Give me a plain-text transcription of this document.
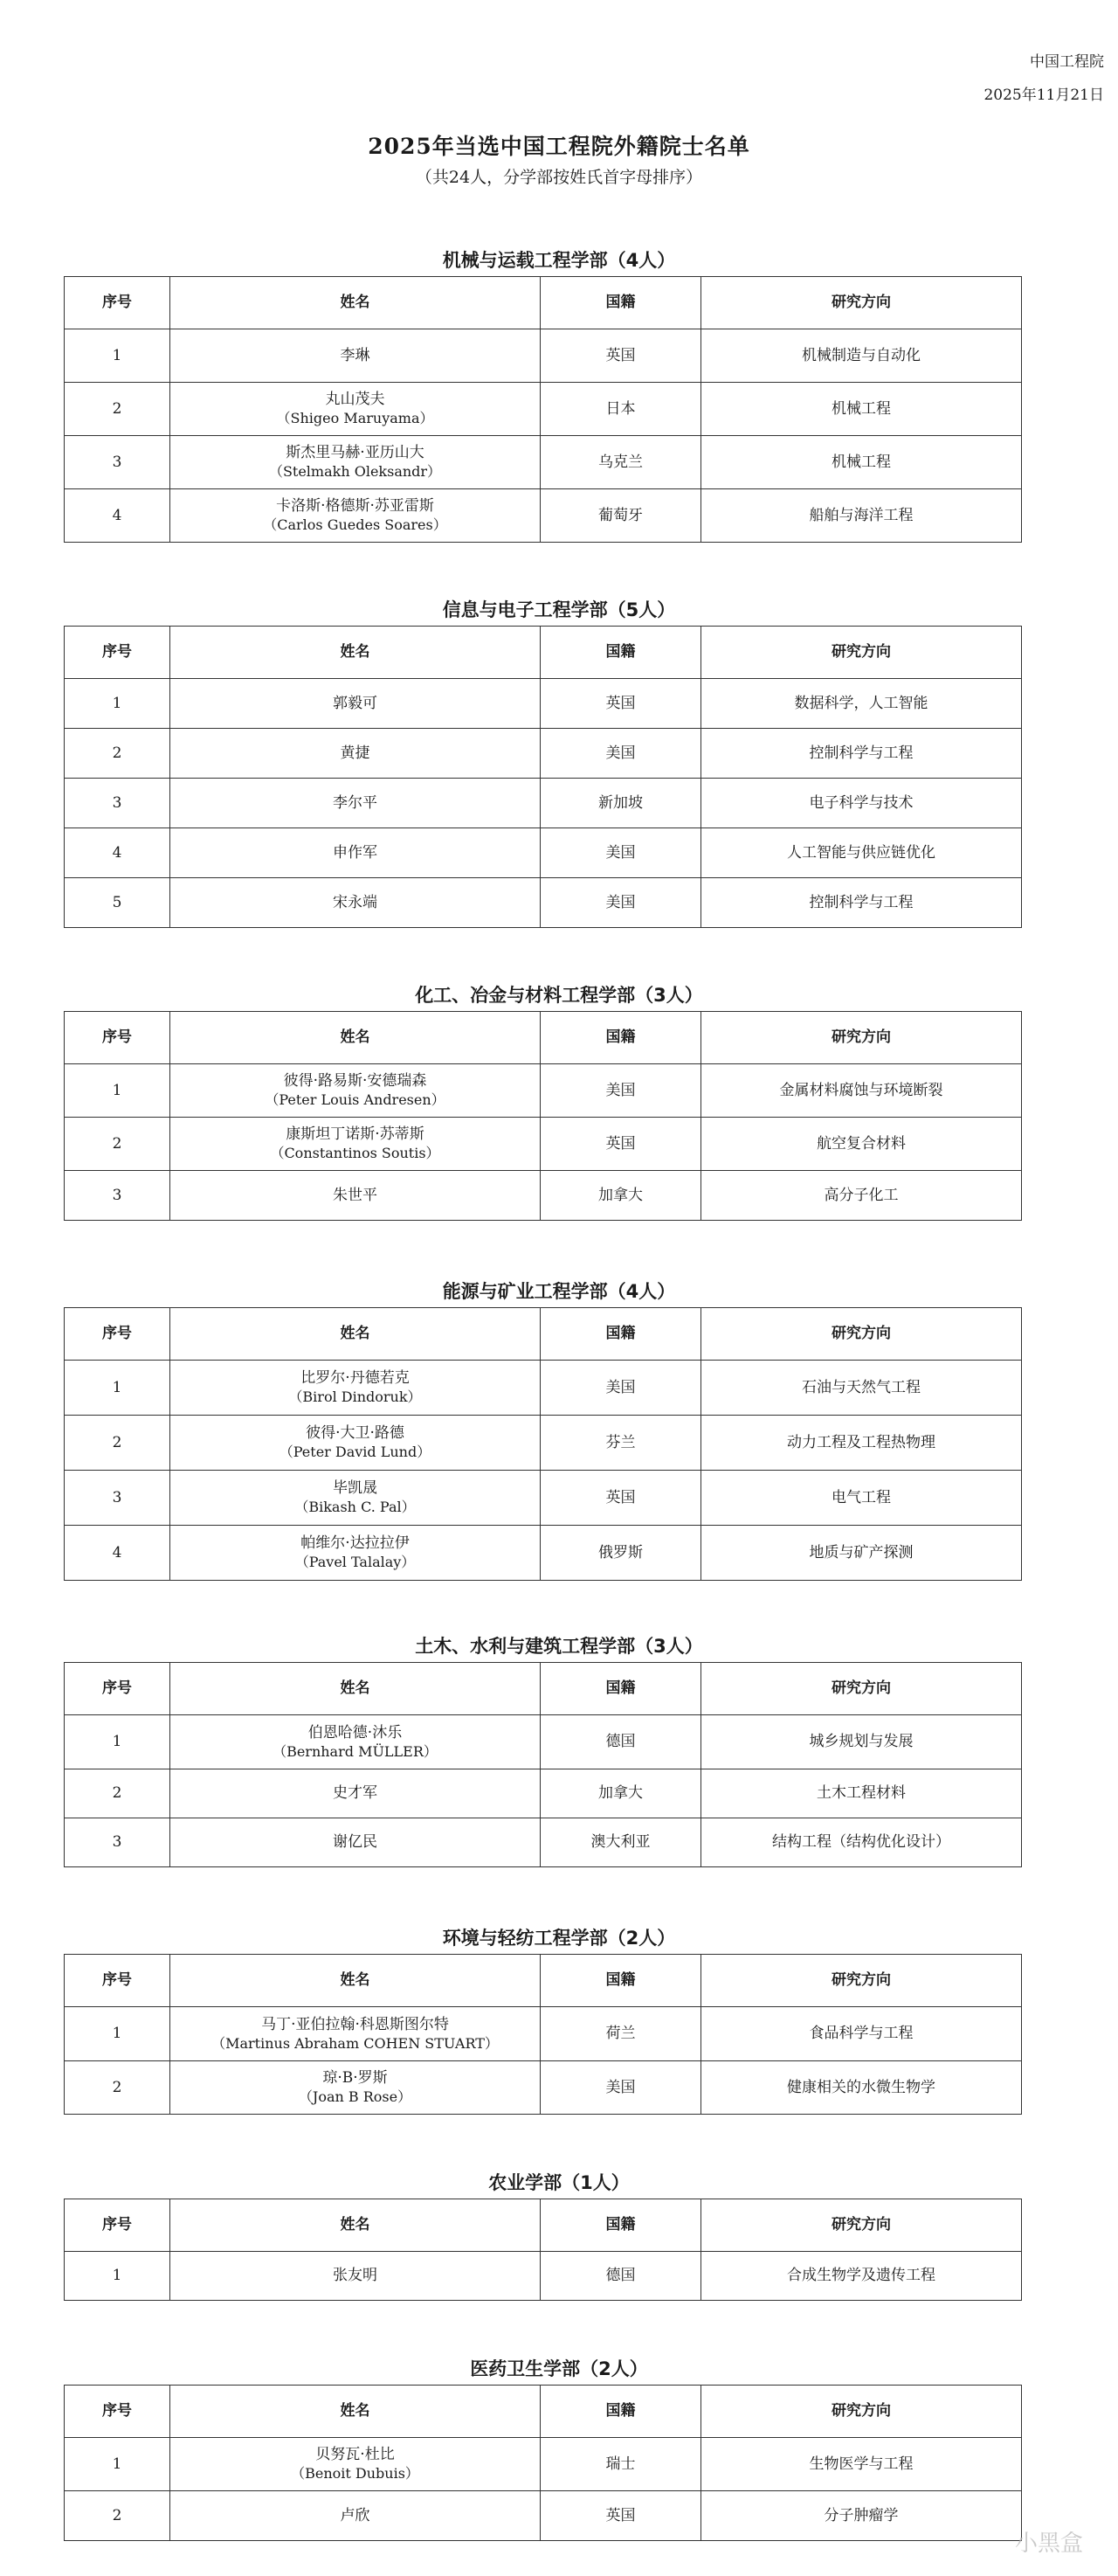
中国工程院
2025年11月21日
2025年当选中国工程院外籍院士名单
（共24人，分学部按姓氏首字母排序）
机械与运载工程学部（4人）
序号	姓名	国籍	研究方向
1	李琳	英国	机械制造与自动化
2	丸山茂夫
（Shigeo Maruyama）	日本	机械工程
3	斯杰里马赫·亚历山大
（Stelmakh Oleksandr）	乌克兰	机械工程
4	卡洛斯·格德斯·苏亚雷斯
（Carlos Guedes Soares）	葡萄牙	船舶与海洋工程
信息与电子工程学部（5人）
序号	姓名	国籍	研究方向
1	郭毅可	英国	数据科学，人工智能
2	黄捷	美国	控制科学与工程
3	李尔平	新加坡	电子科学与技术
4	申作军	美国	人工智能与供应链优化
5	宋永端	美国	控制科学与工程
化工、冶金与材料工程学部（3人）
序号	姓名	国籍	研究方向
1	彼得·路易斯·安德瑞森
（Peter Louis Andresen）	美国	金属材料腐蚀与环境断裂
2	康斯坦丁诺斯·苏蒂斯
（Constantinos Soutis）	英国	航空复合材料
3	朱世平	加拿大	高分子化工
能源与矿业工程学部（4人）
序号	姓名	国籍	研究方向
1	比罗尔·丹德若克
（Birol Dindoruk）	美国	石油与天然气工程
2	彼得·大卫·路德
（Peter David Lund）	芬兰	动力工程及工程热物理
3	毕凯晟
（Bikash C. Pal）	英国	电气工程
4	帕维尔·达拉拉伊
（Pavel Talalay）	俄罗斯	地质与矿产探测
土木、水利与建筑工程学部（3人）
序号	姓名	国籍	研究方向
1	伯恩哈德·沐乐
（Bernhard MÜLLER）	德国	城乡规划与发展
2	史才军	加拿大	土木工程材料
3	谢亿民	澳大利亚	结构工程（结构优化设计）
环境与轻纺工程学部（2人）
序号	姓名	国籍	研究方向
1	马丁·亚伯拉翰·科恩斯图尔特
（Martinus Abraham COHEN STUART）	荷兰	食品科学与工程
2	琼·B·罗斯
（Joan B Rose）	美国	健康相关的水微生物学
农业学部（1人）
序号	姓名	国籍	研究方向
1	张友明	德国	合成生物学及遗传工程
医药卫生学部（2人）
序号	姓名	国籍	研究方向
1	贝努瓦·杜比
（Benoit Dubuis）	瑞士	生物医学与工程
2	卢欣	英国	分子肿瘤学
小黑盒
